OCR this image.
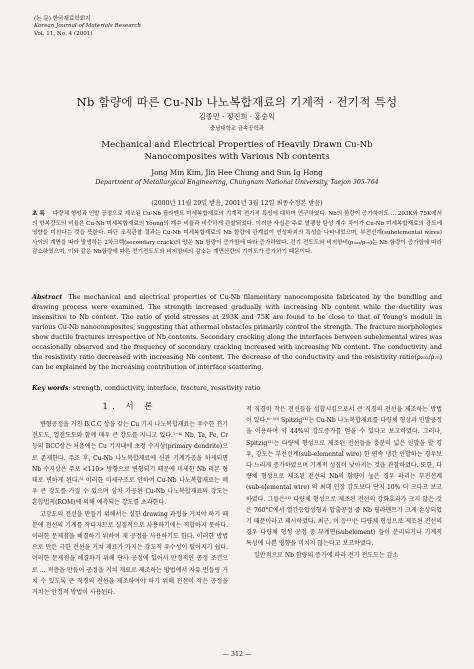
(논 문) 한국재료학회지
Korean Journal of Materials Research
Vol. 11, No. 4 (2001)
Nb 함량에 따른 Cu-Nb 나노복합재료의 기계적 · 전기적 특성
김종민 · 정진희 · 홍순익
충남대학교 금속공학과
Mechanical and Electrical Properties of Heavily Drawn Cu-Nb
Nanocomposites with Various Nb contents
Jong Min Kim, Jin Hee Chung and Sun Ig Hong
Department of Metallurgical Engineering, Chungnam National University, Taejon 305-764
(2000년 11월 29일 받음, 2001년 3월 12일 최종수정본 받음)
초 록 다량체 형성과 인발 공정으로 제조된 Cu-Nb 필라멘트 미세복합재료의 기계적 전기적 특성에 대하여 연구하였다. Nb의 함량이 증가하여도 ... 293K와 75K에서의 항복강도의 비율은 Cu-Nb 미세복합재료의 Young의 계수 비율과 비슷하게 관찰되었다. 이러한 사실은 주로 열팽창 탄성 계수 차이가 Cu-Nb 미세복합재료의 강도에 영향을 미친다는 것을 뜻한다. 파단 조직관찰 결과는 Cu-Nb 미세복합재료의 Nb 함량에 관계없이 연성파괴의 특성을 나타내었으며, 부전선계(subelemental wires) 사이의 계면을 따라 발생하는 2차크랙(secondary crack)의 양은 Nb 함량이 증가함에 따라 증가하였다. 전기 전도도와 비저항비(ρ₂₉₃/ρ₇₅)는 Nb 함량이 증가함에 따라 감소하였으며, 이와 같은 Nb함량에 따른 전기전도도와 비저항비의 감소는 계면산란의 기여도가 증가하기 때문이다.
Abstract The mechanical and electrical properties of Cu-Nb filamentary nanocomposite fabricated by the bundling and drawing process were examined. The strength increased gradually with increasing Nb content while the ductility was insensitive to Nb content. The ratio of yield stresses at 293K and 75K are found to be close to that of Young's moduli in various Cu-Nb nanocomposites, suggesting that athermal obstacles primarily control the strength. The fracture morphologies show ductile fractures irrespective of Nb contents. Secondary cracking along the interfaces between subelemental wires was occasionally observed and the frequency of secondary cracking increased with increasing Nb content. The conductivity and the resistivity ratio decreased with increasing Nb content. The decrease of the conductivity and the resistivity ratio(ρ₂₉₃/ρ₇₅) can be explained by the increasing contribution of interface scattering.
Key words: strength, conductivity, interface, fracture, resistivity ratio
1. 서 론

변형공정을 거친 B.C.C 상을 갖는 Cu 기지 나노복합재료는 우수한 전기전도도, 열전도도와 함께 매우 큰 강도를 지니고 있다.¹⁻⁴⁾ Nb, Ta, Fe, Cr 등의 BCC상은 처음에는 Cu 기지내에 초정 수지상(primary dendrite)으로 존재한다. 주조 후, Cu-Nb 나노복합재료에 신관 기계가공을 하게되면 Nb 수지상은 주로 <110> 방향으로 변형되기 때문에 미세한 Nb 리본 형태로 변하게 된다.⁵⁾ 이러한 미세구조로 인하여 Cu-Nb 나노복합재료는 매우 큰 강도를 가질 수 있으며 삼차 가공된 Cu-Nb 나노복합재료의 강도는 혼합법칙(ROM)에 의해 예측되는 강도를 초과한다.

고강도의 전선을 만들기 위해서는 실한 drawing 과정을 거쳐야 하기 때문에 전선의 기계를 작다지므로 실질적으로 사용하기에는 적합하지 못하다. 이러한 문제점을 해결하기 위하여 재 공정을 사용하기도 한다. 이러한 방법으로 만든 극한 전선을 거쳐 재료가 가지는 강도적 우수성이 떨어지기 쉽다. 이러한 문제점을 해결하기 위해 단사 공정에 있어서 안정적인 공정 조건으로 ... 적층을 만들어 공정을 거쳐 재료로 제조하는 방법에서 자유 번들링 거치 수 있도록 큰 직경의 전선을 제조하여야 하기 위해 전선이 작은 공정을 거치는 안정적 방법이 사용된다.

적 직경이 작은 전선들을 섬합시킴으로서 큰 직경의 전선을 제조하는 방법이 있다.⁶⁻¹⁰⁾ Spitzig¹¹⁾는 Cu-Nb 나노복합재료를 다량체 형성과 인발공정을 이용하여 약 44%의 강도증가를 얻을 수 있다고 보고하였다. 그러나, Spitzig¹¹⁾는 다량체 형성으로 제조된 전선들을 충분히 넓은 인발을 할 경우, 강도는 부전선계(sub-elemental wire) 한 연속 냉간 인발하는 경우보다 느리게 증가하였으며 기계적 성질이 낮아지는 것을 관찰하였다. 또한, 다량체 형성으로 제조된 전선의 Nb의 함량이 높은 경우 파괴는 부전선계 (sub-elemental wire) 의 최대 인장 강도보다 단지 10% 더 크다고 보고하였다. 그들은¹¹⁾ 다량체 형성으로 제조된 전선의 강화효과가 크지 않은 것은 760°C에서 열간등압성형과 압출공정 중 Nb 필라멘트가 크게 손상되었기 때문이라고 제시하였다. 최근, 이 등¹³⁾은 다량체 형성으로 제조된 전선의 경우 다량체 형성 공정 중 부계면(subelement) 들이 분리되거나 기계적 특성에 나쁜 영향을 미치지 않는다고 보고하였다.

일반적으로 Nb 함량의 증가에 따라 전기 전도도는 감소

— 312 —
